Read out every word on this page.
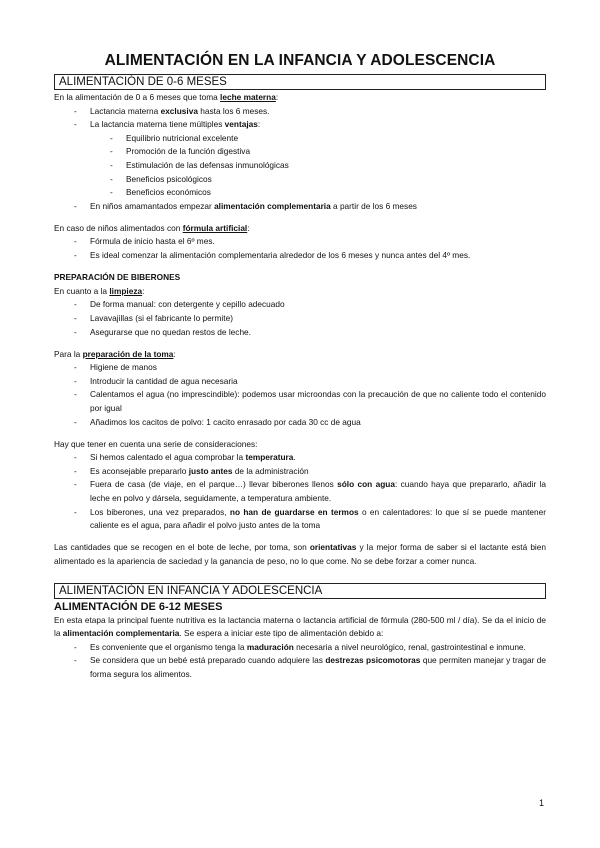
ALIMENTACIÓN EN LA INFANCIA Y ADOLESCENCIA
ALIMENTACIÓN DE 0-6 MESES

En la alimentación de 0 a 6 meses que toma leche materna:

- Lactancia materna exclusiva hasta los 6 meses.
- La lactancia materna tiene múltiples ventajas:
- Equilibrio nutricional excelente
- Promoción de la función digestiva
- Estimulación de las defensas inmunológicas
- Beneficios psicológicos
- Beneficios económicos
- En niños amamantados empezar alimentación complementaria a partir de los 6 meses

En caso de niños alimentados con fórmula artificial:

- Fórmula de inicio hasta el 6º mes.
- Es ideal comenzar la alimentación complementaria alrededor de los 6 meses y nunca antes del 4º mes.
PREPARACIÓN DE BIBERONES

En cuanto a la limpieza:

- De forma manual: con detergente y cepillo adecuado
- Lavavajillas (si el fabricante lo permite)
- Asegurarse que no quedan restos de leche.

Para la preparación de la toma:

- Higiene de manos
- Introducir la cantidad de agua necesaria
- Calentamos el agua (no imprescindible): podemos usar microondas con la precaución de que no caliente todo el contenido por igual
- Añadimos los cacitos de polvo: 1 cacito enrasado por cada 30 cc de agua

Hay que tener en cuenta una serie de consideraciones:

- Si hemos calentado el agua comprobar la temperatura.
- Es aconsejable prepararlo justo antes de la administración
- Fuera de casa (de viaje, en el parque…) llevar biberones llenos sólo con agua: cuando haya que prepararlo, añadir la leche en polvo y dársela, seguidamente, a temperatura ambiente.
- Los biberones, una vez preparados, no han de guardarse en termos o en calentadores: lo que sí se puede mantener caliente es el agua, para añadir el polvo justo antes de la toma

Las cantidades que se recogen en el bote de leche, por toma, son orientativas y la mejor forma de saber si el lactante está bien alimentado es la apariencia de saciedad y la ganancia de peso, no lo que come. No se debe forzar a comer nunca.

ALIMENTACIÓN EN INFANCIA Y ADOLESCENCIA
ALIMENTACIÓN DE 6-12 MESES

En esta etapa la principal fuente nutritiva es la lactancia materna o lactancia artificial de fórmula (280-500 ml / día). Se da el inicio de la alimentación complementaria. Se espera a iniciar este tipo de alimentación debido a:

- Es conveniente que el organismo tenga la maduración necesaria a nivel neurológico, renal, gastrointestinal e inmune.
- Se considera que un bebé está preparado cuando adquiere las destrezas psicomotoras que permiten manejar y tragar de forma segura los alimentos.
1
